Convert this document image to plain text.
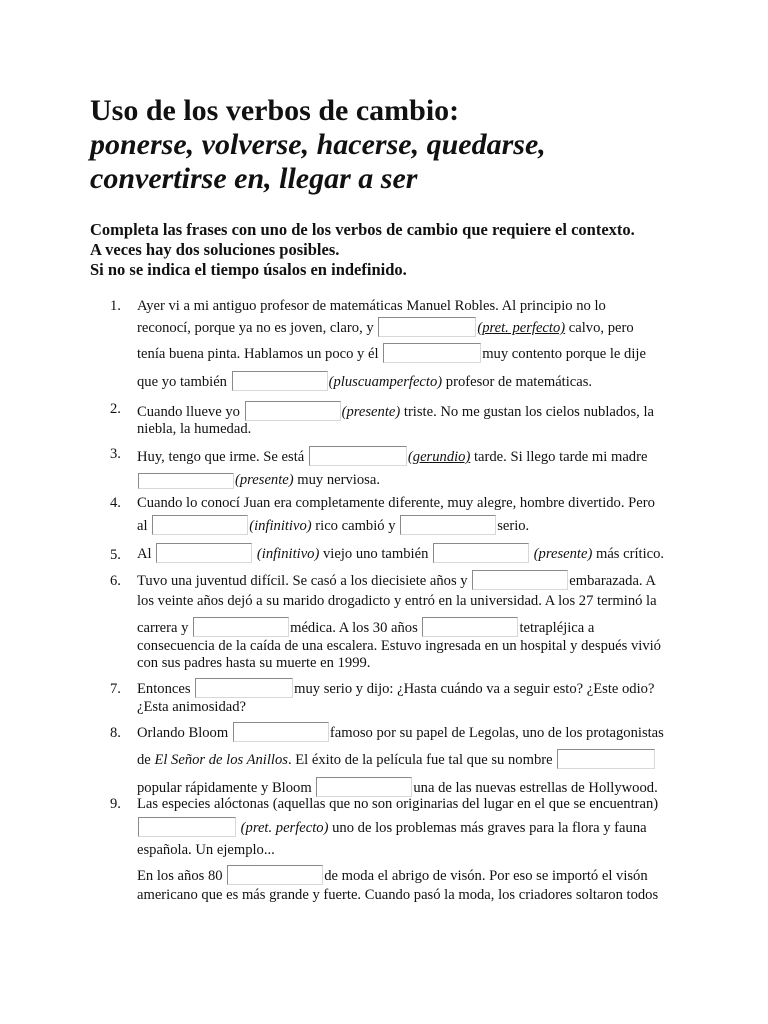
Uso de los verbos de cambio:
ponerse, volverse, hacerse, quedarse,
convertirse en, llegar a ser

Completa las frases con uno de los verbos de cambio que requiere el contexto.
A veces hay dos soluciones posibles.
Si no se indica el tiempo úsalos en indefinido.

1.	Ayer vi a mi antiguo profesor de matemáticas Manuel Robles. Al principio no lo
reconocí, porque ya no es joven, claro, y	(pret. perfecto) calvo, pero
tenía buena pinta. Hablamos un poco y él	muy contento porque le dije
que yo también	(pluscuamperfecto) profesor de matemáticas.
2.	Cuando llueve yo	(presente) triste. No me gustan los cielos nublados, la
niebla, la humedad.
3.	Huy, tengo que irme. Se está	(gerundio) tarde. Si llego tarde mi madre
(presente) muy nerviosa.
4.	Cuando lo conocí Juan era completamente diferente, muy alegre, hombre divertido. Pero
al	(infinitivo) rico cambió y	serio.
5.	Al	(infinitivo) viejo uno también	(presente) más crítico.
6.	Tuvo una juventud difícil. Se casó a los diecisiete años y	embarazada. A
los veinte años dejó a su marido drogadicto y entró en la universidad. A los 27 terminó la
carrera y	médica. A los 30 años	tetrapléjica a
consecuencia de la caída de una escalera. Estuvo ingresada en un hospital y después vivió
con sus padres hasta su muerte en 1999.
7.	Entonces	muy serio y dijo: ¿Hasta cuándo va a seguir esto? ¿Este odio?
¿Esta animosidad?
8.	Orlando Bloom	famoso por su papel de Legolas, uno de los protagonistas
de El Señor de los Anillos. El éxito de la película fue tal que su nombre
popular rápidamente y Bloom	una de las nuevas estrellas de Hollywood.
9.	Las especies alóctonas (aquellas que no son originarias del lugar en el que se encuentran)
(pret. perfecto) uno de los problemas más graves para la flora y fauna
española. Un ejemplo...
En los años 80	de moda el abrigo de visón. Por eso se importó el visón
americano que es más grande y fuerte. Cuando pasó la moda, los criadores soltaron todos
